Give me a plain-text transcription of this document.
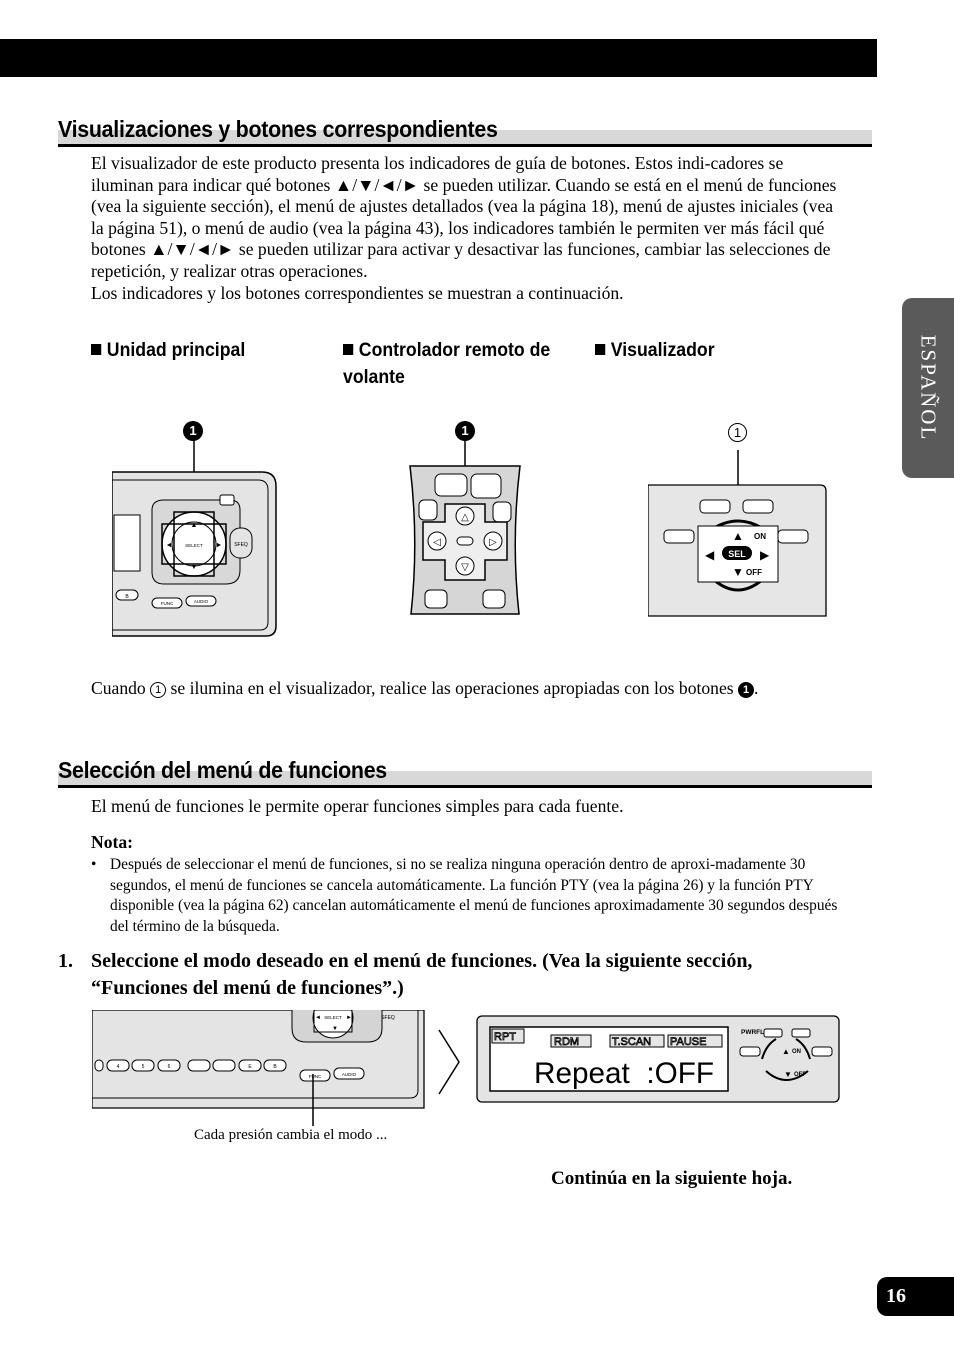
ESPAÑOL
Visualizaciones y botones correspondientes
El visualizador de este producto presenta los indicadores de guía de botones. Estos indi-cadores se iluminan para indicar qué botones ▲/▼/◄/► se pueden utilizar. Cuando se está en el menú de funciones (vea la siguiente sección), el menú de ajustes detallados (vea la página 18), menú de ajustes iniciales (vea la página 51), o menú de audio (vea la página 43), los indicadores también le permiten ver más fácil qué botones ▲/▼/◄/► se pueden utilizar para activar y desactivar las funciones, cambiar las selecciones de repetición, y realizar otras operaciones.
Los indicadores y los botones correspondientes se muestran a continuación.
Unidad principal	Controlador remoto de volante
Visualizador
1	1	1
▲
▼
◄	►
SELECT	SFEQ
B
FUNC	AUDIO
△
▽
◁	▷	▲ ON
◀	▶
SEL
▼ OFF
Cuando 1 se ilumina en el visualizador, realice las operaciones apropiadas con los botones 1 .
Selección del menú de funciones
El menú de funciones le permite operar funciones simples para cada fuente.
Nota:
• Después de seleccionar el menú de funciones, si no se realiza ninguna operación dentro de aproxi-madamente 30 segundos, el menú de funciones se cancela automáticamente. La función PTY (vea la página 26) y la función PTY disponible (vea la página 62) cancelan automáticamente el menú de funciones aproximadamente 30 segundos después del término de la búsqueda.
1. Seleccione el modo deseado en el menú de funciones. (Vea la siguiente sección, “Funciones del menú de funciones”.)
SELECT
◄	►
▼
SFEQ
4	5	6	E	B
FUNC	AUDIO
Cada presión cambia el modo ...
RPT	RDM	T.SCAN PAUSE
Repeat  :OFF
PWRFL
▲ ON
▼ OFF
Continúa en la siguiente hoja.
16
